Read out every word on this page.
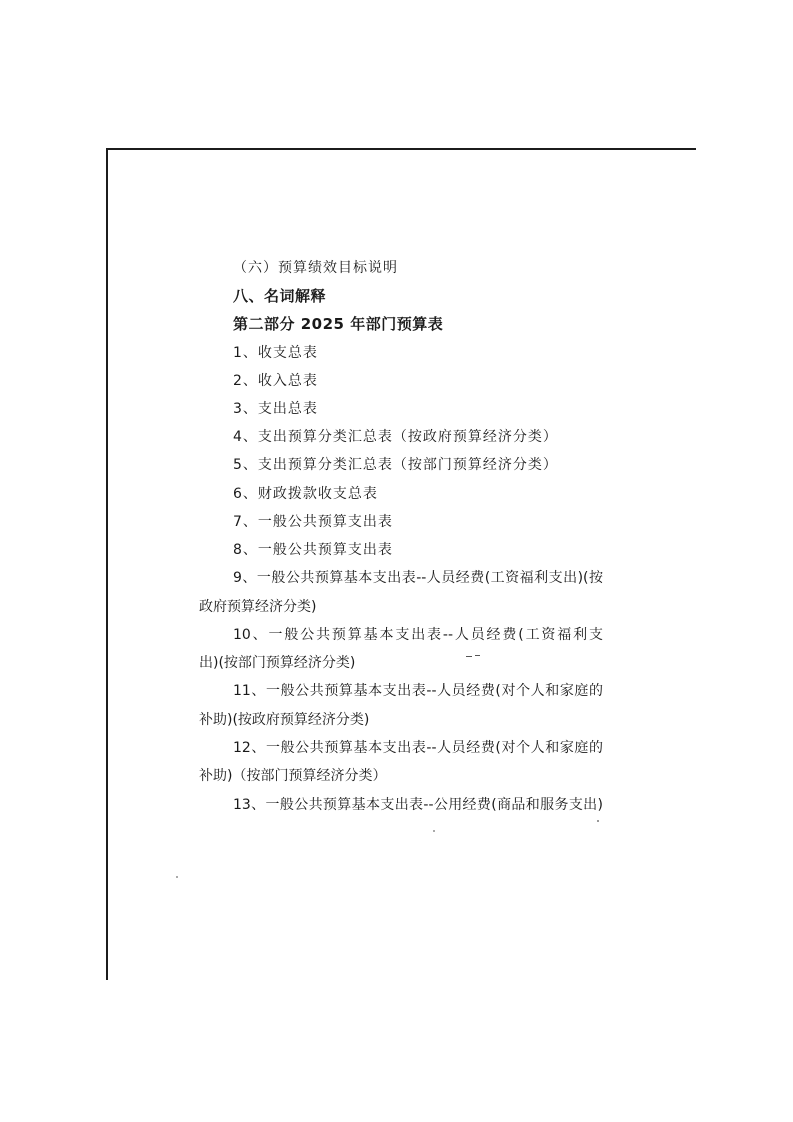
（六）预算绩效目标说明
八、名词解释
第二部分 2025 年部门预算表
1、收支总表
2、收入总表
3、支出总表
4、支出预算分类汇总表（按政府预算经济分类）
5、支出预算分类汇总表（按部门预算经济分类）
6、财政拨款收支总表
7、一般公共预算支出表
8、一般公共预算支出表
9、一般公共预算基本支出表--人员经费(工资福利支出)(按
政府预算经济分类)
10、一般公共预算基本支出表--人员经费(工资福利支
出)(按部门预算经济分类)
11、一般公共预算基本支出表--人员经费(对个人和家庭的
补助)(按政府预算经济分类)
12、一般公共预算基本支出表--人员经费(对个人和家庭的
补助)（按部门预算经济分类）
13、一般公共预算基本支出表--公用经费(商品和服务支出)
